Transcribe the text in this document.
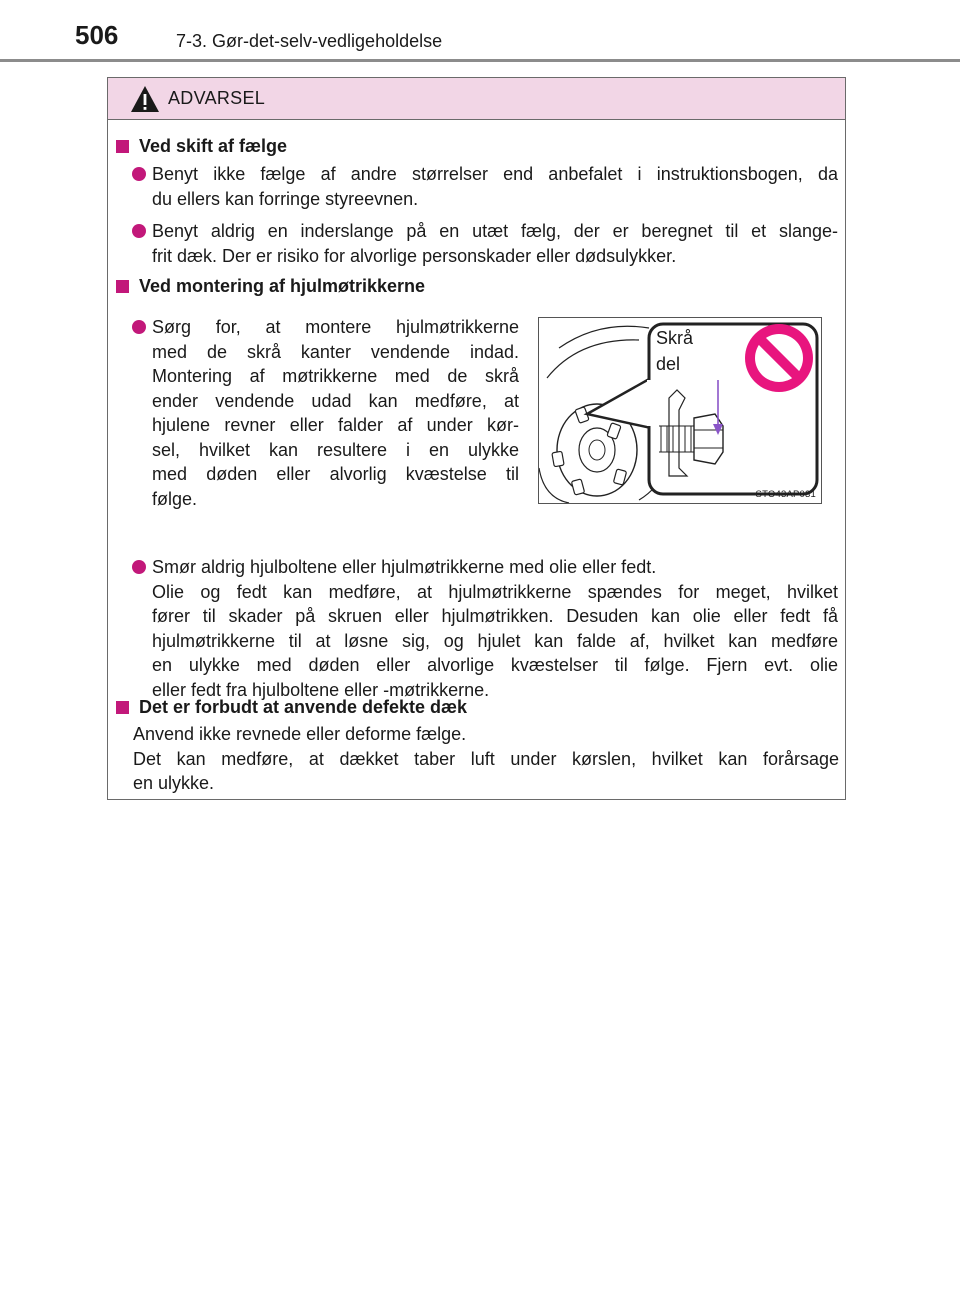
506	7-3. Gør-det-selv-vedligeholdelse
ADVARSEL
Ved skift af fælge
Benyt ikke fælge af andre størrelser end anbefalet i instruktionsbogen, da
du ellers kan forringe styreevnen.
Benyt aldrig en inderslange på en utæt fælg, der er beregnet til et slange-
frit dæk. Der er risiko for alvorlige personskader eller dødsulykker.
Ved montering af hjulmøtrikkerne
Sørg for, at montere hjulmøtrikkerne
med de skrå kanter vendende indad.
Montering af møtrikkerne med de skrå
ender vendende udad kan medføre, at
hjulene revner eller falder af under kør-
sel, hvilket kan resultere i en ulykke
med døden eller alvorlig kvæstelse til
følge.
Skrå
del
STO43AP031
Smør aldrig hjulboltene eller hjulmøtrikkerne med olie eller fedt.
Olie og fedt kan medføre, at hjulmøtrikkerne spændes for meget, hvilket
fører til skader på skruen eller hjulmøtrikken. Desuden kan olie eller fedt få
hjulmøtrikkerne til at løsne sig, og hjulet kan falde af, hvilket kan medføre
en ulykke med døden eller alvorlige kvæstelser til følge. Fjern evt. olie
eller fedt fra hjulboltene eller -møtrikkerne.
Det er forbudt at anvende defekte dæk
Anvend ikke revnede eller deforme fælge.
Det kan medføre, at dækket taber luft under kørslen, hvilket kan forårsage
en ulykke.
